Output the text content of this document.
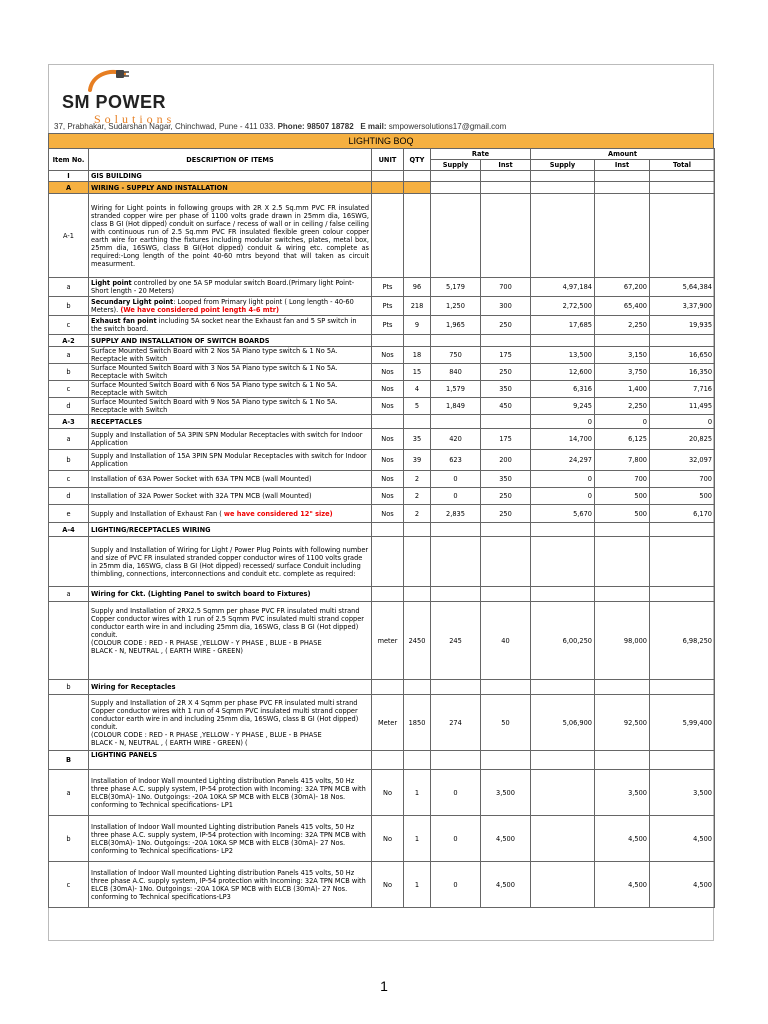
SM POWER
Solutions
37, Prabhakar, Sudarshan Nagar, Chinchwad, Pune - 411 033. Phone: 98507 18782 E mail: smpowersolutions17@gmail.com
LIGHTING BOQ
Item No.	DESCRIPTION OF ITEMS	UNIT	QTY	Rate		Amount		
				Supply	Inst	Supply	Inst	Total
I	GIS BUILDING							
A	WIRING - SUPPLY AND INSTALLATION							
A-1	Wiring for Light points in following groups with 2R X 2.5 Sq.mm PVC FR insulated stranded copper wire per phase of 1100 volts grade drawn in 25mm dia, 16SWG, class B GI (Hot dipped) conduit on surface / recess of wall or in ceiling / false ceiling with continuous run of 2.5 Sq.mm PVC FR insulated flexible green colour copper earth wire for earthing the fixtures including modular switches, plates, metal box, 25mm dia, 16SWG, class B GI(Hot dipped) conduit & wiring etc. complete as required:-Long length of the point 40-60 mtrs beyond that will taken as circuit measurment.							
a	Light point controlled by one 5A SP modular switch Board.(Primary light Point-Short length - 20 Meters)	Pts	96	5,179	700	4,97,184	67,200	5,64,384
b	Secundary Light point: Looped from Primary light point ( Long length - 40-60 Meters). (We have considered point length 4-6 mtr)	Pts	218	1,250	300	2,72,500	65,400	3,37,900
c	Exhaust fan point including 5A socket near the Exhaust fan and 5 SP switch in the switch board.	Pts	9	1,965	250	17,685	2,250	19,935
A-2	SUPPLY AND INSTALLATION OF SWITCH BOARDS							
a	Surface Mounted Switch Board with 2 Nos 5A Piano type switch & 1 No 5A. Receptacle with Switch	Nos	18	750	175	13,500	3,150	16,650
b	Surface Mounted Switch Board with 3 Nos 5A Piano type switch & 1 No 5A. Receptacle with Switch	Nos	15	840	250	12,600	3,750	16,350
c	Surface Mounted Switch Board with 6 Nos 5A Piano type switch & 1 No 5A. Receptacle with Switch	Nos	4	1,579	350	6,316	1,400	7,716
d	Surface Mounted Switch Board with 9 Nos 5A Piano type switch & 1 No 5A. Receptacle with Switch	Nos	5	1,849	450	9,245	2,250	11,495
A-3	RECEPTACLES					0	0	0
a	Supply and Installation of 5A 3PIN SPN Modular Receptacles with switch for Indoor Application	Nos	35	420	175	14,700	6,125	20,825
b	Supply and Installation of 15A 3PIN SPN Modular Receptacles with switch for Indoor Application	Nos	39	623	200	24,297	7,800	32,097
c	Installation of 63A Power Socket with 63A TPN MCB (wall Mounted)	Nos	2	0	350	0	700	700
d	Installation of 32A Power Socket with 32A TPN MCB (wall Mounted)	Nos	2	0	250	0	500	500
e	Supply and Installation of Exhaust Fan ( we have considered 12" size)	Nos	2	2,835	250	5,670	500	6,170
A-4	LIGHTING/RECEPTACLES WIRING							
	Supply and Installation of Wiring for Light / Power Plug Points with following number and size of PVC FR insulated stranded copper conductor wires of 1100 volts grade in 25mm dia, 16SWG, class B GI (Hot dipped) recessed/ surface Conduit including thimbling, connections, interconnections and conduit etc. complete as required:							
a	Wiring for Ckt. (Lighting Panel to switch board to Fixtures)							

	Supply and Installation of 2RX2.5 Sqmm per phase PVC FR insulated multi strand Copper conductor wires with 1 run of 2.5 Sqmm PVC insulated multi strand copper conductor earth wire in and including 25mm dia, 16SWG, class B GI (Hot dipped) conduit.
(COLOUR CODE : RED - R PHASE ,YELLOW - Y PHASE , BLUE - B PHASE
BLACK - N, NEUTRAL , ( EARTH WIRE - GREEN)	meter	2450	245	40	6,00,250	98,000	6,98,250
b	Wiring for Receptacles							

	Supply and Installation of 2R X 4 Sqmm per phase PVC FR insulated multi strand Copper conductor wires with 1 run of 4 Sqmm PVC insulated multi strand copper conductor earth wire in and including 25mm dia, 16SWG, class B GI (Hot dipped) conduit.
(COLOUR CODE : RED - R PHASE ,YELLOW - Y PHASE , BLUE - B PHASE
BLACK - N, NEUTRAL , ( EARTH WIRE - GREEN) (	Meter	1850	274	50	5,06,900	92,500	5,99,400
B	LIGHTING PANELS							
a	Installation of Indoor Wall mounted Lighting distribution Panels 415 volts, 50 Hz three phase A.C. supply system, IP-54 protection with Incoming: 32A TPN MCB with ELCB(30mA)- 1No. Outgoings: -20A 10KA SP MCB with ELCB (30mA)- 18 Nos. conforming to Technical specifications- LP1	No	1	0	3,500		3,500	3,500
b	Installation of Indoor Wall mounted Lighting distribution Panels 415 volts, 50 Hz three phase A.C. supply system, IP-54 protection with Incoming: 32A TPN MCB with ELCB(30mA)- 1No. Outgoings: -20A 10KA SP MCB with ELCB (30mA)- 27 Nos. conforming to Technical specifications- LP2	No	1	0	4,500		4,500	4,500
c	Installation of Indoor Wall mounted Lighting distribution Panels 415 volts, 50 Hz three phase A.C. supply system, IP-54 protection with Incoming: 32A TPN MCB with ELCB (30mA)- 1No. Outgoings: -20A 10KA SP MCB with ELCB (30mA)- 27 Nos. conforming to Technical specifications-LP3	No	1	0	4,500		4,500	4,500
1
